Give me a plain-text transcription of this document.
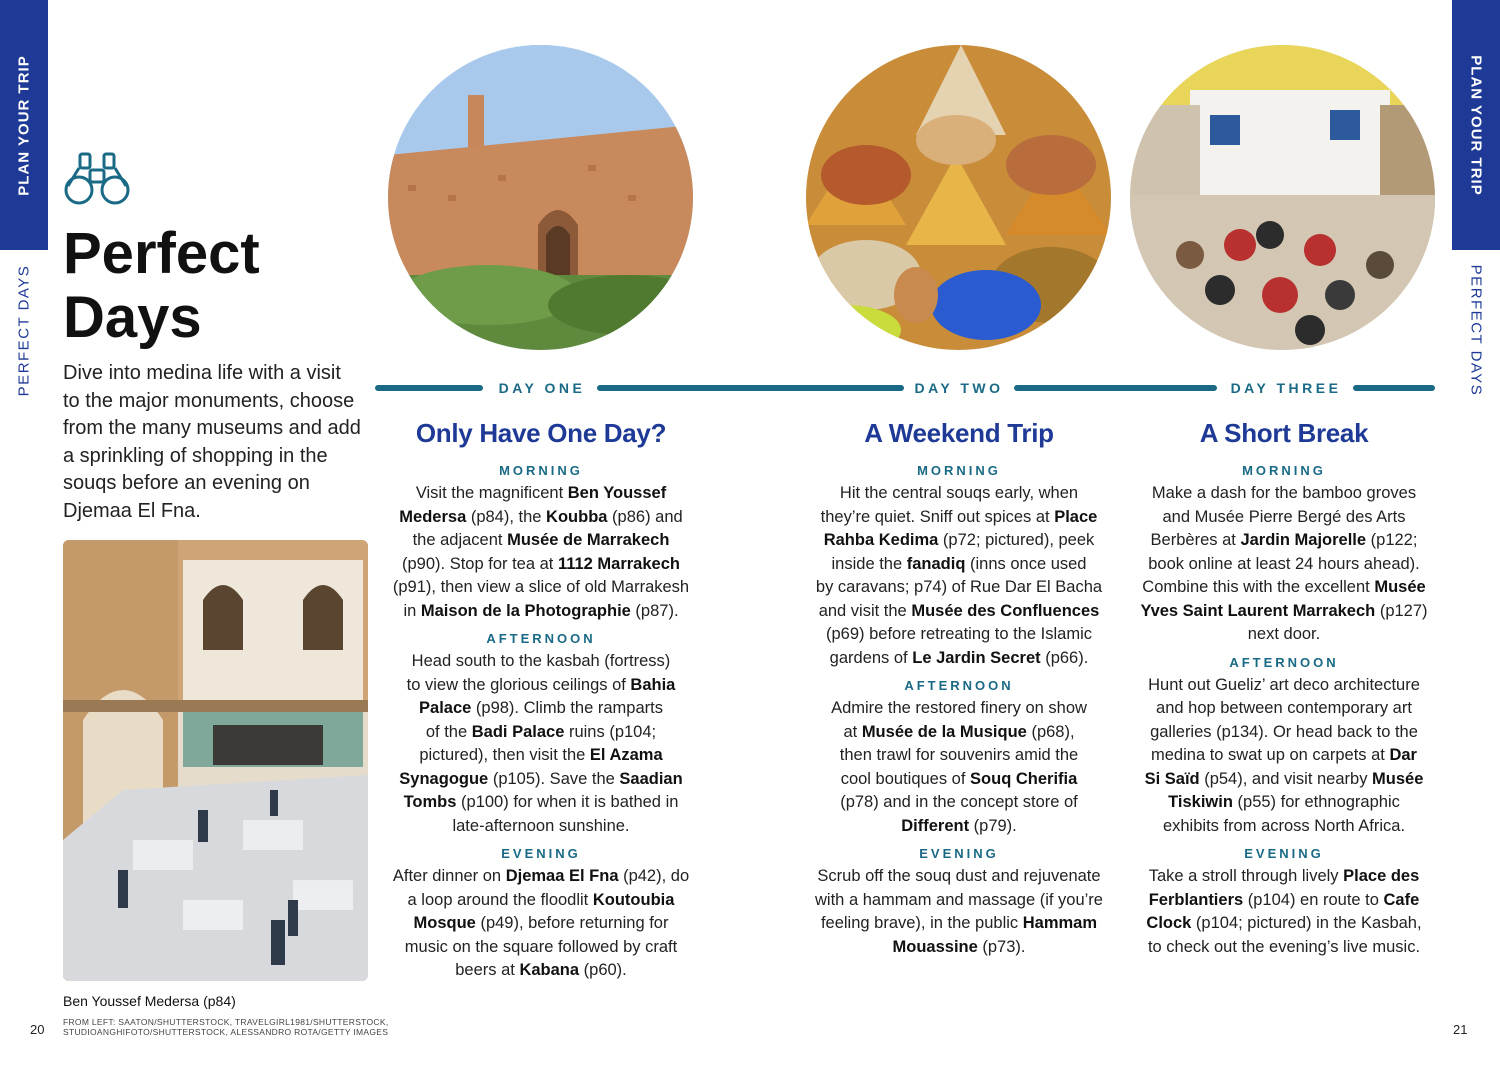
PLAN YOUR TRIP
PERFECT DAYS
PLAN YOUR TRIP
PERFECT DAYS
Perfect
Days
Dive into medina life with a visit to the major monuments, choose from the many museums and add a sprinkling of shopping in the souqs before an evening on Djemaa El Fna.
Ben Youssef Medersa (p84)
FROM LEFT: SAATON/SHUTTERSTOCK, TRAVELGIRL1981/SHUTTERSTOCK,
STUDIOANGHIFOTO/SHUTTERSTOCK, ALESSANDRO ROTA/GETTY IMAGES
20	21
DAY ONE	DAY TWO	DAY THREE
Only Have One Day?
MORNING

Visit the magnificent Ben Youssef
Medersa (p84), the Koubba (p86) and
the adjacent Musée de Marrakech
(p90). Stop for tea at 1112 Marrakech
(p91), then view a slice of old Marrakesh
in Maison de la Photographie (p87).

AFTERNOON

Head south to the kasbah (fortress)
to view the glorious ceilings of Bahia
Palace (p98). Climb the ramparts
of the Badi Palace ruins (p104;
pictured), then visit the El Azama
Synagogue (p105). Save the Saadian
Tombs (p100) for when it is bathed in
late-afternoon sunshine.

EVENING

After dinner on Djemaa El Fna (p42), do
a loop around the floodlit Koutoubia
Mosque (p49), before returning for
music on the square followed by craft
beers at Kabana (p60).

A Weekend Trip
MORNING

Hit the central souqs early, when
they’re quiet. Sniff out spices at Place
Rahba Kedima (p72; pictured), peek
inside the fanadiq (inns once used
by caravans; p74) of Rue Dar El Bacha
and visit the Musée des Confluences
(p69) before retreating to the Islamic
gardens of Le Jardin Secret (p66).

AFTERNOON

Admire the restored finery on show
at Musée de la Musique (p68),
then trawl for souvenirs amid the
cool boutiques of Souq Cherifia
(p78) and in the concept store of
Different (p79).

EVENING

Scrub off the souq dust and rejuvenate
with a hammam and massage (if you’re
feeling brave), in the public Hammam
Mouassine (p73).

A Short Break
MORNING

Make a dash for the bamboo groves
and Musée Pierre Bergé des Arts
Berbères at Jardin Majorelle (p122;
book online at least 24 hours ahead).
Combine this with the excellent Musée
Yves Saint Laurent Marrakech (p127)
next door.

AFTERNOON

Hunt out Gueliz’ art deco architecture
and hop between contemporary art
galleries (p134). Or head back to the
medina to swat up on carpets at Dar
Si Saïd (p54), and visit nearby Musée
Tiskiwin (p55) for ethnographic
exhibits from across North Africa.

EVENING

Take a stroll through lively Place des
Ferblantiers (p104) en route to Cafe
Clock (p104; pictured) in the Kasbah,
to check out the evening’s live music.
